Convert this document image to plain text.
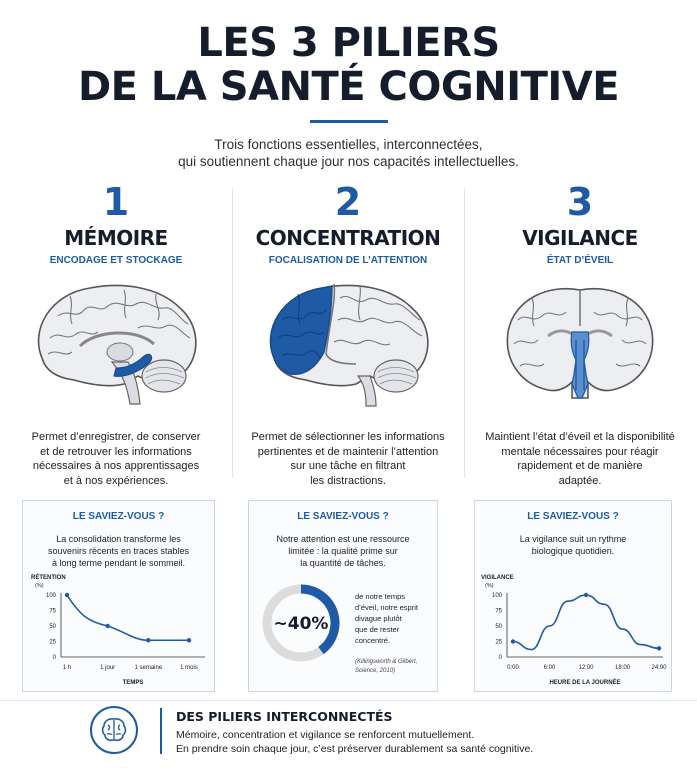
LES 3 PILIERS
DE LA SANTÉ COGNITIVE
Trois fonctions essentielles, interconnectées,
qui soutiennent chaque jour nos capacités intellectuelles.
1
MÉMOIRE
ENCODAGE ET STOCKAGE
Permet d’enregistrer, de conserver
et de retrouver les informations
nécessaires à nos apprentissages
et à nos expériences.
2
CONCENTRATION
FOCALISATION DE L’ATTENTION
Permet de sélectionner les informations
pertinentes et de maintenir l’attention
sur une tâche en filtrant
les distractions.
3
VIGILANCE
ÉTAT D’ÉVEIL
Maintient l’état d’éveil et la disponibilité
mentale nécessaires pour réagir
rapidement et de manière
adaptée.
LE SAVIEZ-VOUS ?
La consolidation transforme les
souvenirs récents en traces stables
à long terme pendant le sommeil.
RÉTENTION
(%)
0
25
50
75
100
1 h	1 jour	1 semaine	1 mois
TEMPS
LE SAVIEZ-VOUS ?
Notre attention est une ressource
limitée : la qualité prime sur
la quantité de tâches.
~40%
de notre temps
d’éveil, notre esprit
divague plutôt
que de rester
concentré.
(Killingsworth & Gilbert,
Science, 2010)
LE SAVIEZ-VOUS ?
La vigilance suit un rythme
biologique quotidien.
VIGILANCE
(%)
0
25
50
75
100
0:00	6:00	12:00	18:00	24:00
HEURE DE LA JOURNÉE
DES PILIERS INTERCONNECTÉS
Mémoire, concentration et vigilance se renforcent mutuellement.
En prendre soin chaque jour, c’est préserver durablement sa santé cognitive.
